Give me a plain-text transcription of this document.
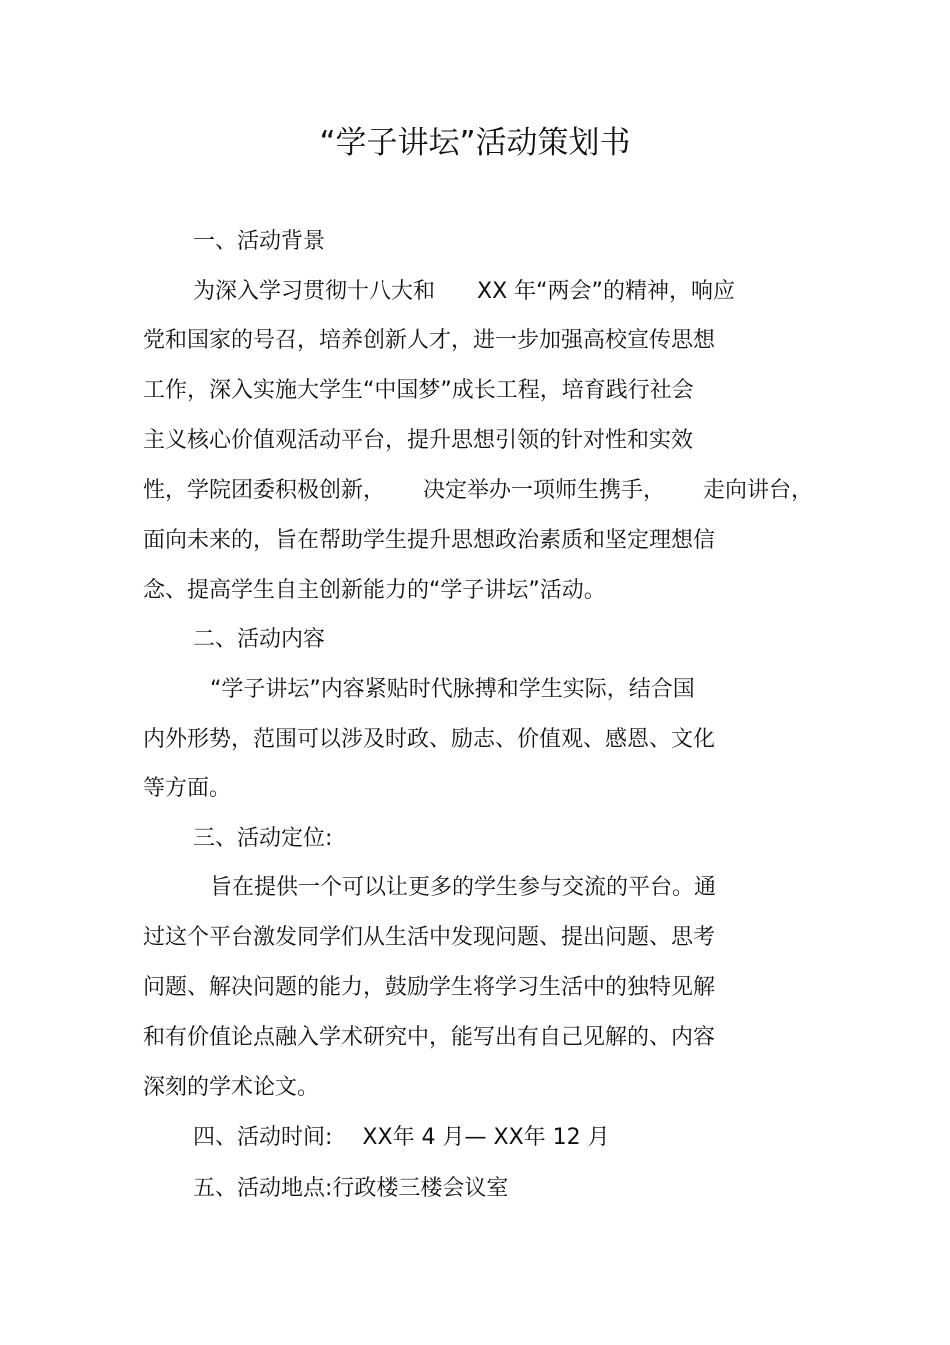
“学子讲坛”活动策划书
一、活动背景
为深入学习贯彻十八大和 XX 年“两会”的精神，响应
党和国家的号召，培养创新人才，进一步加强高校宣传思想
工作，深入实施大学生“中国梦”成长工程，培育践行社会
主义核心价值观活动平台，提升思想引领的针对性和实效
性，学院团委积极创新， 决定举办一项师生携手， 走向讲台，
面向未来的，旨在帮助学生提升思想政治素质和坚定理想信
念、提高学生自主创新能力的“学子讲坛”活动。
二、活动内容
“学子讲坛”内容紧贴时代脉搏和学生实际，结合国
内外形势，范围可以涉及时政、励志、价值观、感恩、文化
等方面。
三、活动定位:
旨在提供一个可以让更多的学生参与交流的平台。通
过这个平台激发同学们从生活中发现问题、提出问题、思考
问题、解决问题的能力，鼓励学生将学习生活中的独特见解
和有价值论点融入学术研究中，能写出有自己见解的、内容
深刻的学术论文。
四、活动时间: XX年 4 月— XX年 12 月
五、活动地点:行政楼三楼会议室
